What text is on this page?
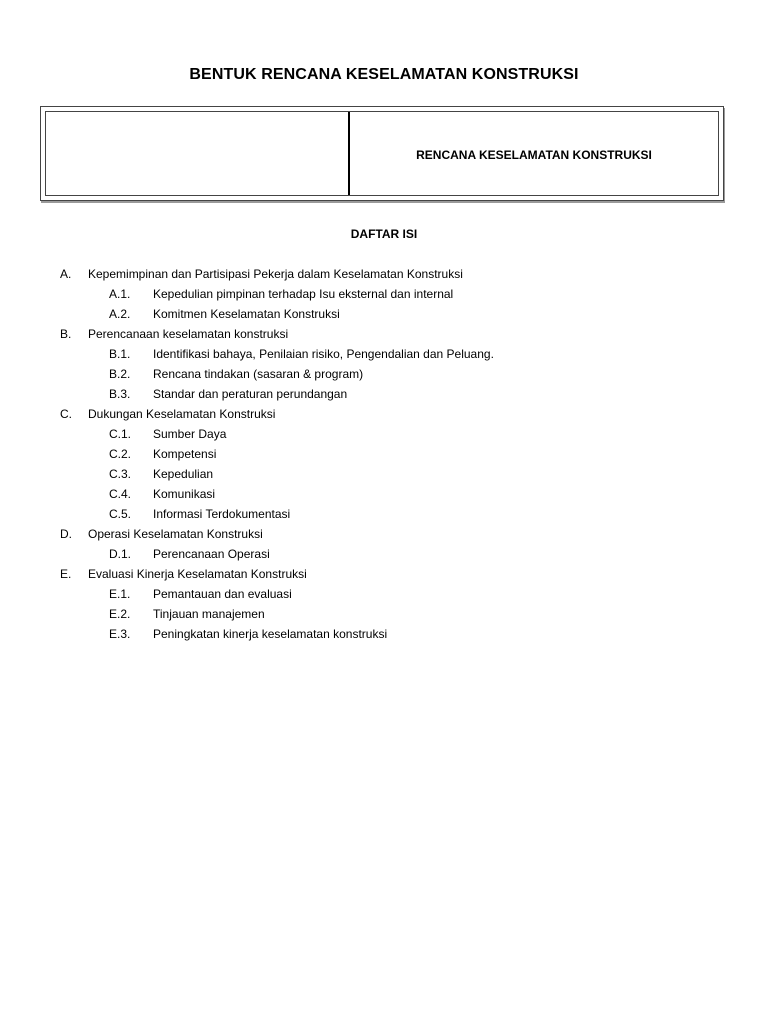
BENTUK RENCANA KESELAMATAN KONSTRUKSI
RENCANA KESELAMATAN KONSTRUKSI
DAFTAR ISI
A. Kepemimpinan dan Partisipasi Pekerja dalam Keselamatan Konstruksi
A.1. Kepedulian pimpinan terhadap Isu eksternal dan internal
A.2. Komitmen Keselamatan Konstruksi
B. Perencanaan keselamatan konstruksi
B.1. Identifikasi bahaya, Penilaian risiko, Pengendalian dan Peluang.
B.2. Rencana tindakan (sasaran & program)
B.3. Standar dan peraturan perundangan
C. Dukungan Keselamatan Konstruksi
C.1. Sumber Daya
C.2. Kompetensi
C.3. Kepedulian
C.4. Komunikasi
C.5. Informasi Terdokumentasi
D. Operasi Keselamatan Konstruksi
D.1. Perencanaan Operasi
E. Evaluasi Kinerja Keselamatan Konstruksi
E.1. Pemantauan dan evaluasi
E.2. Tinjauan manajemen
E.3. Peningkatan kinerja keselamatan konstruksi
